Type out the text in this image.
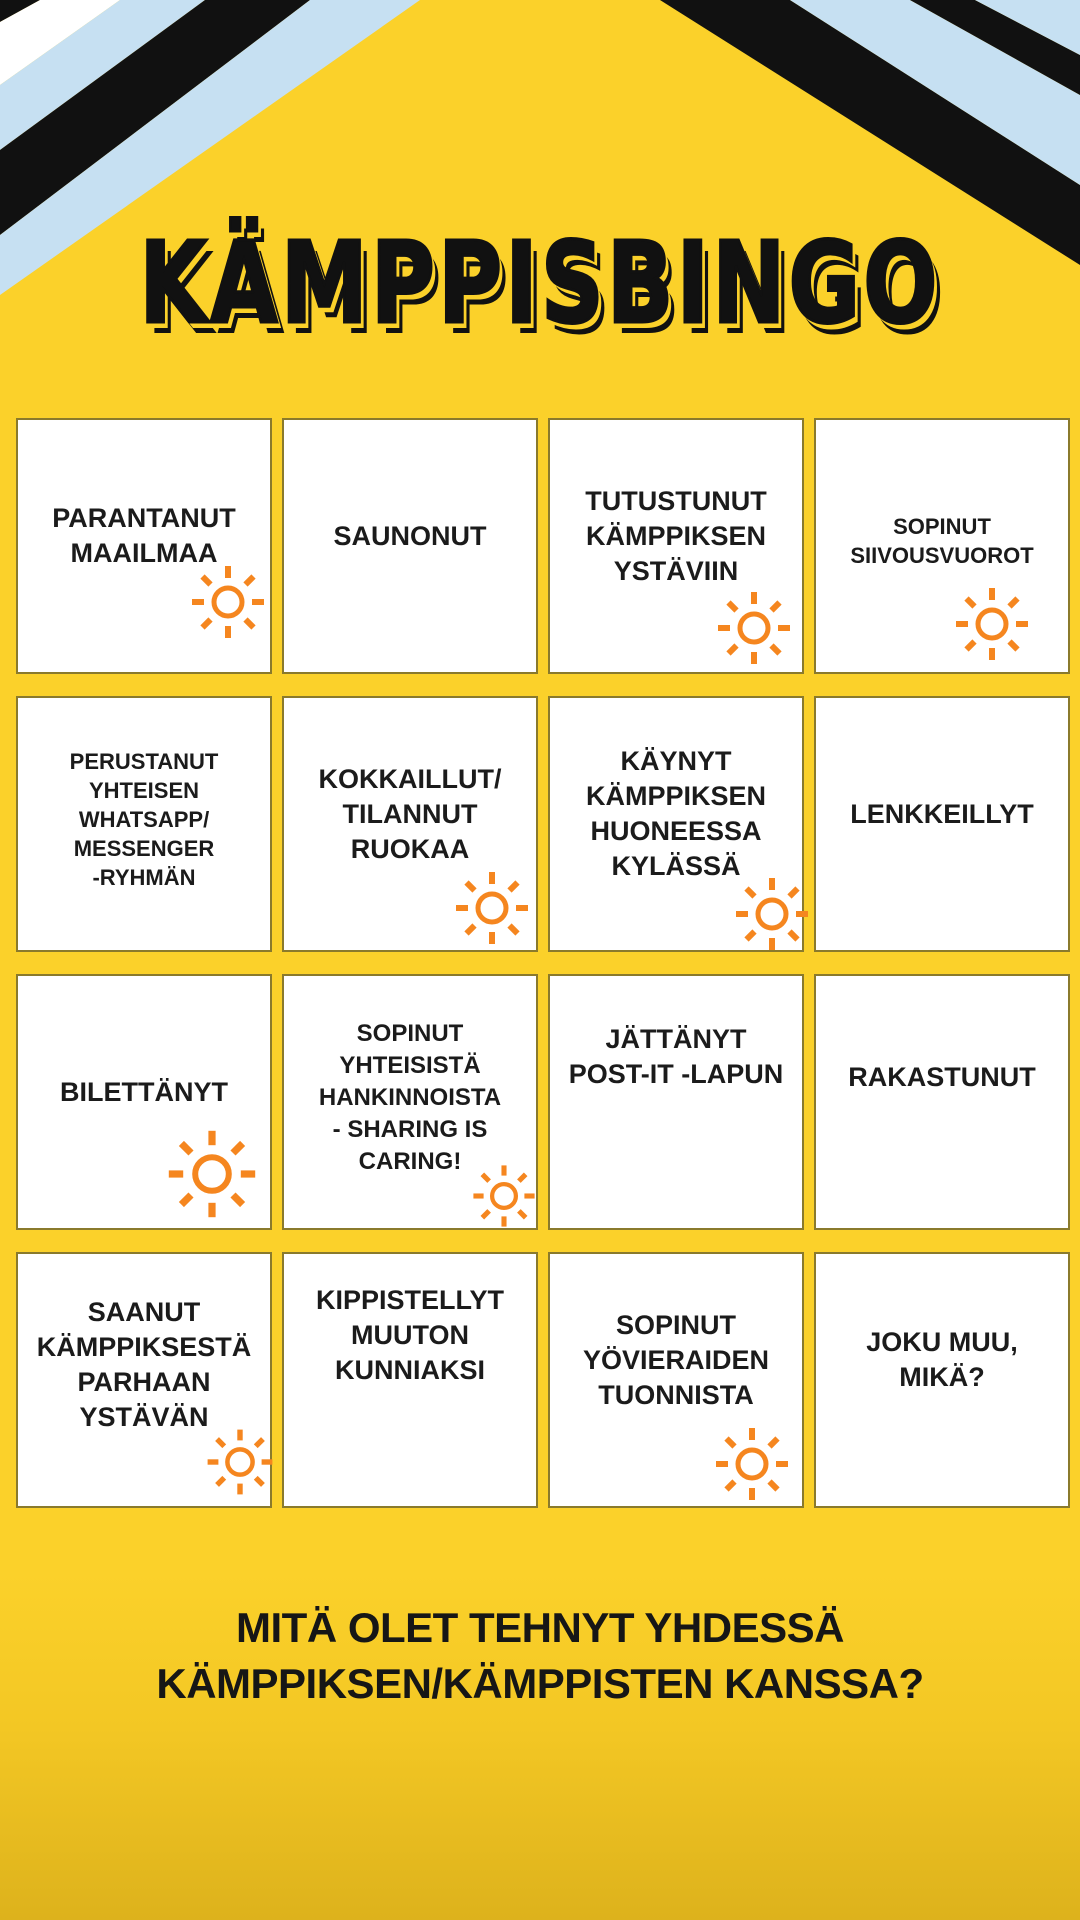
KÄMPPISBINGO
PARANTANUT
MAAILMAA
SAUNONUT
TUTUSTUNUT
KÄMPPIKSEN
YSTÄVIIN
SOPINUT
SIIVOUSVUOROT
PERUSTANUT
YHTEISEN
WHATSAPP/
MESSENGER
-RYHMÄN
KOKKAILLUT/
TILANNUT
RUOKAA
KÄYNYT
KÄMPPIKSEN
HUONEESSA
KYLÄSSÄ
LENKKEILLYT
BILETTÄNYT
SOPINUT
YHTEISISTÄ
HANKINNOISTA
- SHARING IS
CARING!
JÄTTÄNYT
POST-IT -LAPUN RAKASTUNUT
SAANUT
KÄMPPIKSESTÄ
PARHAAN
YSTÄVÄN
KIPPISTELLYT
MUUTON
KUNNIAKSI
SOPINUT
YÖVIERAIDEN
TUONNISTA
JOKU MUU,
MIKÄ?
MITÄ OLET TEHNYT YHDESSÄ
KÄMPPIKSEN/KÄMPPISTEN KANSSA?
